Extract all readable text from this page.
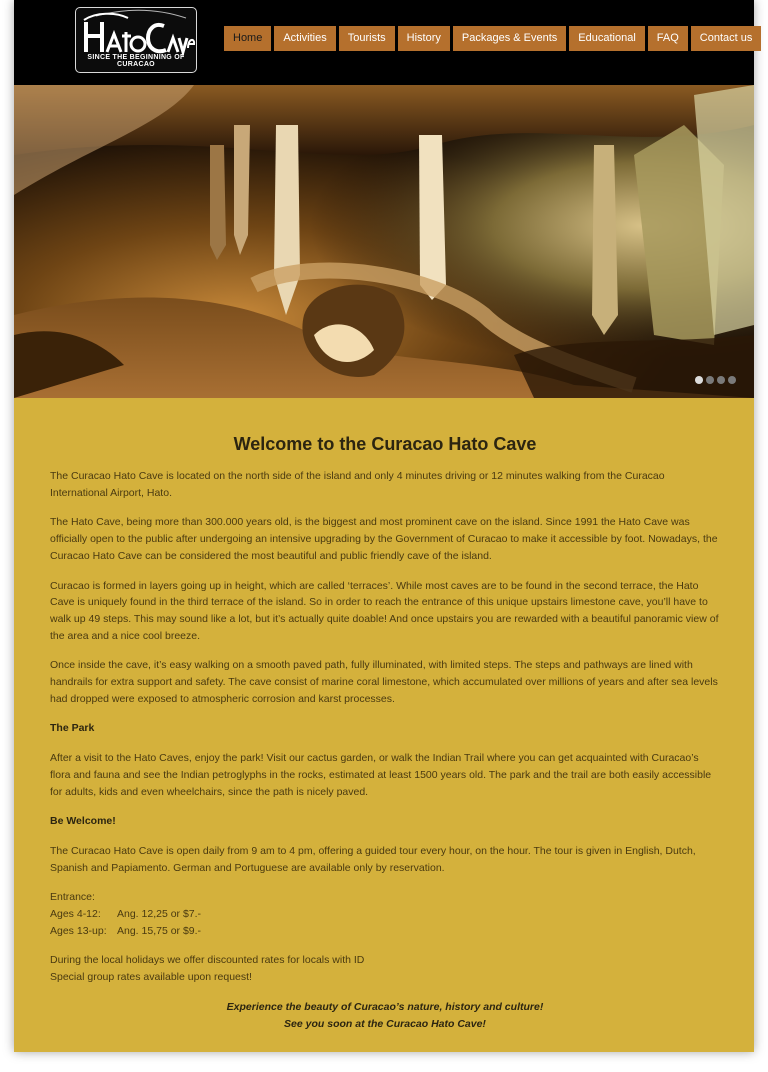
SINCE THE BEGINNING OF CURACAO
Home	Activities	Tourists	History	Packages & Events	Educational	FAQ	Contact us
Welcome to the Curacao Hato Cave

The Curacao Hato Cave is located on the north side of the island and only 4 minutes driving or 12 minutes walking from the Curacao International Airport, Hato.

The Hato Cave, being more than 300.000 years old, is the biggest and most prominent cave on the island. Since 1991 the Hato Cave was officially open to the public after undergoing an intensive upgrading by the Government of Curacao to make it accessible by foot. Nowadays, the Curacao Hato Cave can be considered the most beautiful and public friendly cave of the island.

Curacao is formed in layers going up in height, which are called ‘terraces’. While most caves are to be found in the second terrace, the Hato Cave is uniquely found in the third terrace of the island. So in order to reach the entrance of this unique upstairs limestone cave, you’ll have to walk up 49 steps. This may sound like a lot, but it’s actually quite doable! And once upstairs you are rewarded with a beautiful panoramic view of the area and a nice cool breeze.

Once inside the cave, it’s easy walking on a smooth paved path, fully illuminated, with limited steps. The steps and pathways are lined with handrails for extra support and safety. The cave consist of marine coral limestone, which accumulated over millions of years and after sea levels had dropped were exposed to atmospheric corrosion and karst processes.

The Park

After a visit to the Hato Caves, enjoy the park! Visit our cactus garden, or walk the Indian Trail where you can get acquainted with Curacao’s flora and fauna and see the Indian petroglyphs in the rocks, estimated at least 1500 years old. The park and the trail are both easily accessible for adults, kids and even wheelchairs, since the path is nicely paved.

Be Welcome!

The Curacao Hato Cave is open daily from 9 am to 4 pm, offering a guided tour every hour, on the hour. The tour is given in English, Dutch, Spanish and Papiamento. German and Portuguese are available only by reservation.

Entrance:
Ages 4-12:	Ang. 12,25 or $7.-
Ages 13-up: Ang. 15,75 or $9.-

During the local holidays we offer discounted rates for locals with ID
Special group rates available upon request!

Experience the beauty of Curacao’s nature, history and culture!
See you soon at the Curacao Hato Cave!
